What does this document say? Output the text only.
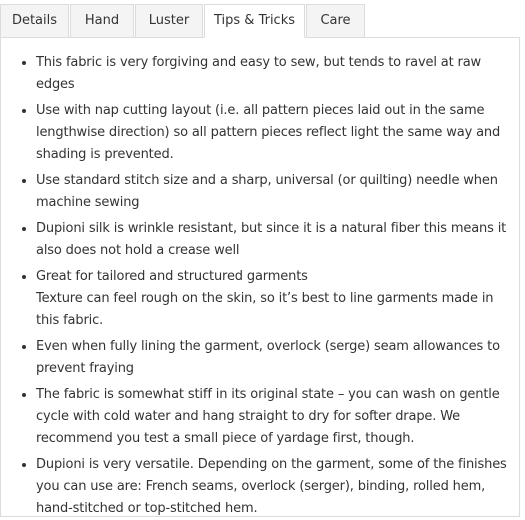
Details	Hand	Luster	Tips & Tricks	Care
• This fabric is very forgiving and easy to sew, but tends to ravel at raw edges
• Use with nap cutting layout (i.e. all pattern pieces laid out in the same lengthwise direction) so all pattern pieces reflect light the same way and shading is prevented.
• Use standard stitch size and a sharp, universal (or quilting) needle when machine sewing
• Dupioni silk is wrinkle resistant, but since it is a natural fiber this means it also does not hold a crease well
• Great for tailored and structured garments
Texture can feel rough on the skin, so it’s best to line garments made in this fabric.
• Even when fully lining the garment, overlock (serge) seam allowances to prevent fraying
• The fabric is somewhat stiff in its original state – you can wash on gentle cycle with cold water and hang straight to dry for softer drape. We recommend you test a small piece of yardage first, though.
• Dupioni is very versatile. Depending on the garment, some of the finishes you can use are: French seams, overlock (serger), binding, rolled hem, hand-stitched or top-stitched hem.
